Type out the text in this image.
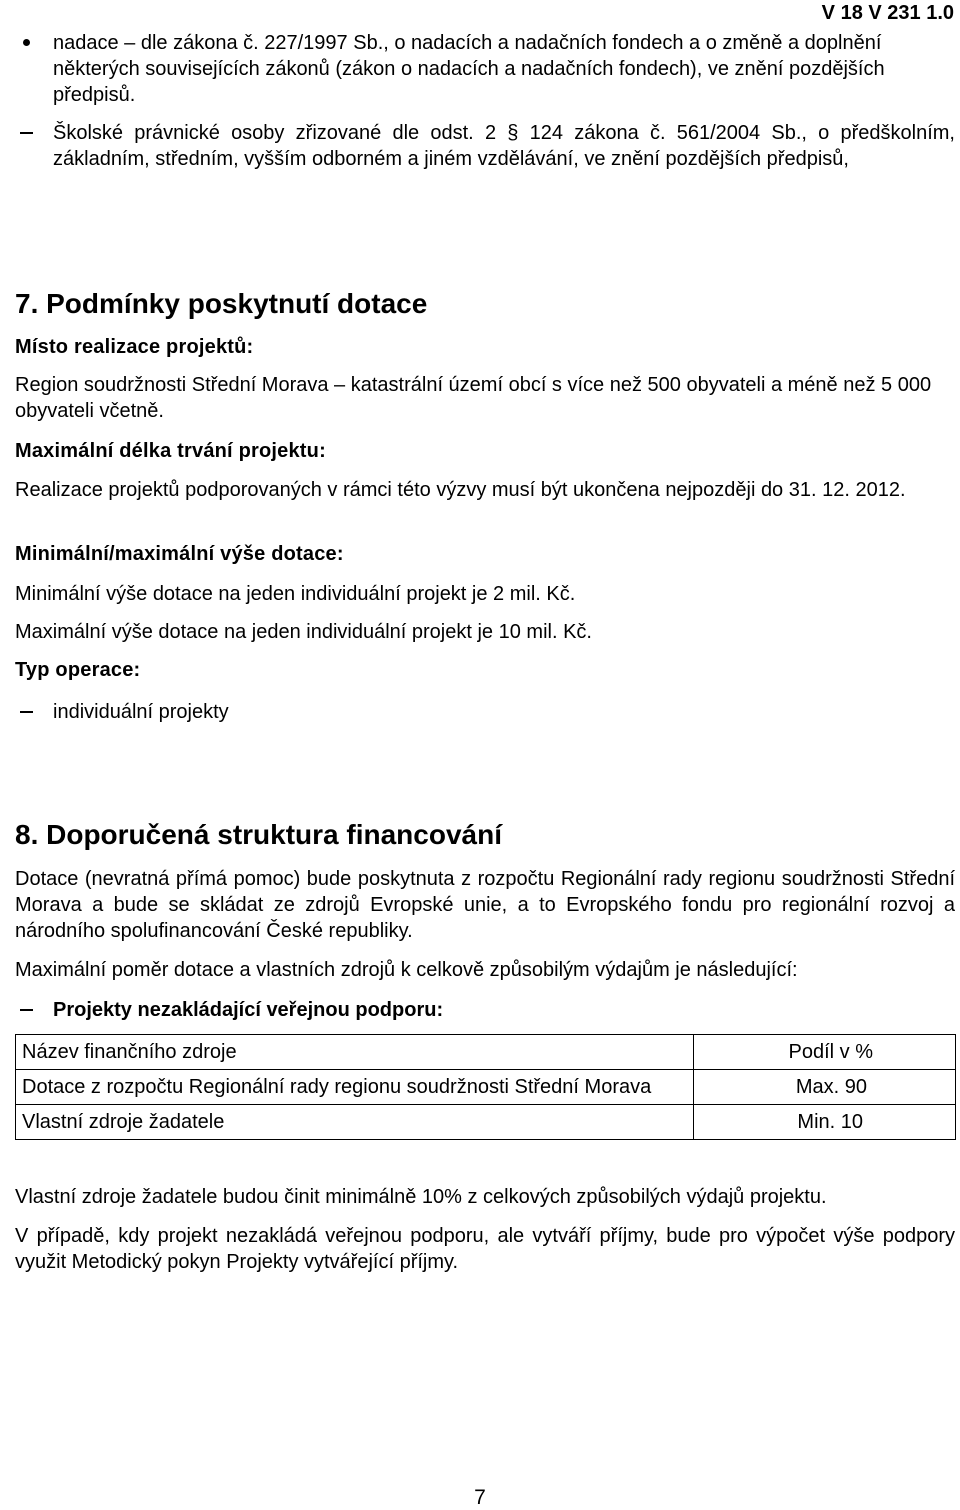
V 18 V 231 1.0
nadace – dle zákona č. 227/1997 Sb., o nadacích a nadačních fondech a o změně a doplnění některých souvisejících zákonů (zákon o nadacích a nadačních fondech), ve znění pozdějších předpisů.
Školské právnické osoby zřizované dle odst. 2 § 124 zákona č. 561/2004 Sb., o předškolním, základním, středním, vyšším odborném a jiném vzdělávání, ve znění pozdějších předpisů,
7. Podmínky poskytnutí dotace
Místo realizace projektů:
Region soudržnosti Střední Morava – katastrální území obcí s více než 500 obyvateli a méně než 5 000 obyvateli včetně.
Maximální délka trvání projektu:
Realizace projektů podporovaných v rámci této výzvy musí být ukončena nejpozději do 31. 12. 2012.
Minimální/maximální výše dotace:
Minimální výše dotace na jeden individuální projekt je 2 mil. Kč.
Maximální výše dotace na jeden individuální projekt je 10 mil. Kč.
Typ operace:
individuální projekty
8. Doporučená struktura financování
Dotace (nevratná přímá pomoc) bude poskytnuta z rozpočtu Regionální rady regionu soudržnosti Střední Morava a bude se skládat ze zdrojů Evropské unie, a to Evropského fondu pro regionální rozvoj a národního spolufinancování České republiky.
Maximální poměr dotace a vlastních zdrojů k celkově způsobilým výdajům je následující:
Projekty nezakládající veřejnou podporu:
Název finančního zdroje	Podíl v %
Dotace z rozpočtu Regionální rady regionu soudržnosti Střední Morava	Max. 90
Vlastní zdroje žadatele	Min. 10
Vlastní zdroje žadatele budou činit minimálně 10% z celkových způsobilých výdajů projektu.
V případě, kdy projekt nezakládá veřejnou podporu, ale vytváří příjmy, bude pro výpočet výše podpory využit Metodický pokyn Projekty vytvářející příjmy.
7
